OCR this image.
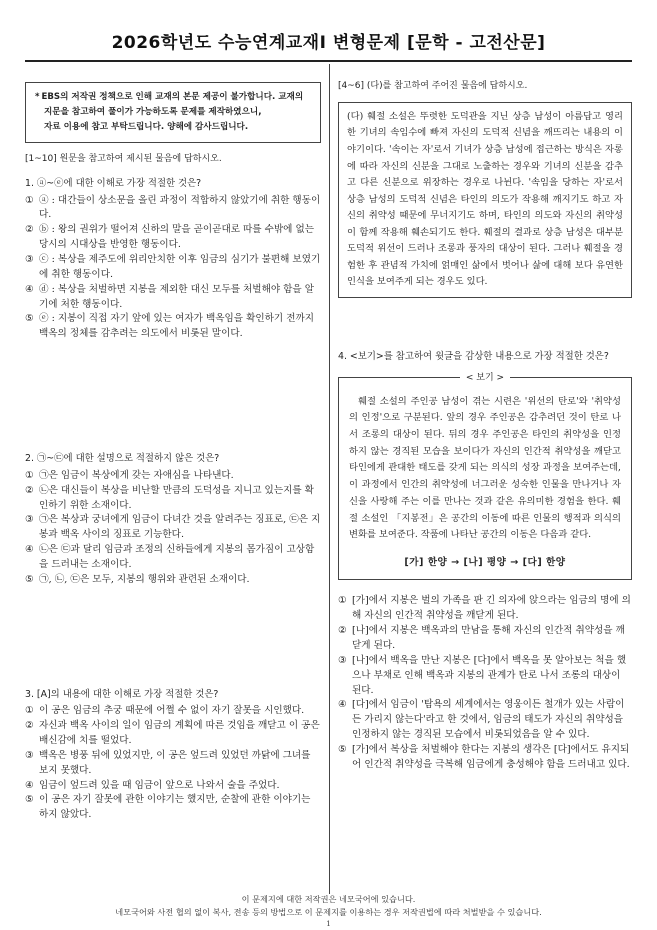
2026학년도 수능연계교재Ⅰ 변형문제 [문학 - 고전산문]
* EBS의 저작권 정책으로 인해 교재의 본문 제공이 불가합니다. 교재의
지문을 참고하여 풀이가 가능하도록 문제를 제작하였으니,
자료 이용에 참고 부탁드립니다. 양해에 감사드립니다.

[1~10] 원문을 참고하여 제시된 물음에 답하시오.

1. ⓐ~ⓔ에 대한 이해로 가장 적절한 것은?

① ⓐ : 대간들이 상소문을 올린 과정이 적합하지 않았기에 취한 행동이다.
② ⓑ : 왕의 권위가 떨어져 신하의 말을 곧이곧대로 따를 수밖에 없는 당시의 시대상을 반영한 행동이다.
③ ⓒ : 복상을 제주도에 위리안치한 이후 임금의 심기가 불편해 보였기에 취한 행동이다.
④ ⓓ : 복상을 처벌하면 지봉을 제외한 대신 모두를 처벌해야 함을 알기에 처한 행동이다.
⑤ ⓔ : 지봉이 직접 자기 앞에 있는 여자가 백옥임을 확인하기 전까지 백옥의 정체를 감추려는 의도에서 비롯된 말이다.

2. ㉠~㉢에 대한 설명으로 적절하지 않은 것은?

① ㉠은 임금이 복상에게 갖는 자애심을 나타낸다.
② ㉡은 대신들이 복상을 비난할 만큼의 도덕성을 지니고 있는지를 확인하기 위한 소재이다.
③ ㉠은 복상과 궁녀에게 임금이 다녀간 것을 알려주는 징표로, ㉢은 지봉과 백옥 사이의 징표로 기능한다.
④ ㉡은 ㉢과 달리 임금과 조정의 신하들에게 지봉의 몸가짐이 고상함을 드러내는 소재이다.
⑤ ㉠, ㉡, ㉢은 모두, 지봉의 행위와 관련된 소재이다.

3. [A]의 내용에 대한 이해로 가장 적절한 것은?

① 이 공은 임금의 추궁 때문에 어쩔 수 없이 자기 잘못을 시인했다.
② 자신과 백옥 사이의 일이 임금의 계획에 따른 것임을 깨닫고 이 공은 배신감에 치를 떨었다.
③ 백옥은 병풍 뒤에 있었지만, 이 공은 엎드려 있었던 까닭에 그녀를 보지 못했다.
④ 임금이 엎드려 있을 때 임금이 앞으로 나와서 술을 주었다.
⑤ 이 공은 자기 잘못에 관한 이야기는 했지만, 순찰에 관한 이야기는 하지 않았다.

[4~6] (다)를 참고하여 주어진 물음에 답하시오.

(다) 훼절 소설은 뚜렷한 도덕관을 지닌 상층 남성이 아름답고 영리한 기녀의 속임수에 빠져 자신의 도덕적 신념을 깨뜨리는 내용의 이야기이다. '속이는 자'로서 기녀가 상층 남성에 접근하는 방식은 자롱에 따라 자신의 신분을 그대로 노출하는 경우와 기녀의 신분을 감추고 다른 신분으로 위장하는 경우로 나뉜다. '속임을 당하는 자'로서 상층 남성의 도덕적 신념은 타인의 의도가 작용해 깨지기도 하고 자신의 취약성 때문에 무너지기도 하며, 타인의 의도와 자신의 취약성이 함께 작용해 훼손되기도 한다. 훼절의 결과로 상층 남성은 대부분 도덕적 위선이 드러나 조롱과 풍자의 대상이 된다. 그러나 훼절을 경험한 후 관념적 가치에 얽매인 삶에서 벗어나 삶에 대해 보다 유연한 인식을 보여주게 되는 경우도 있다.

4. <보기>를 참고하여 윗글을 감상한 내용으로 가장 적절한 것은?

< 보기 >
훼절 소설의 주인공 남성이 겪는 시련은 '위선의 탄로'와 '취약성의 인정'으로 구분된다. 앞의 경우 주인공은 감추려던 것이 탄로 나서 조롱의 대상이 된다. 뒤의 경우 주인공은 타인의 취약성을 인정하지 않는 경직된 모습을 보이다가 자신의 인간적 취약성을 깨닫고 타인에게 관대한 태도를 갖게 되는 의식의 성장 과정을 보여주는데, 이 과정에서 인간의 취약성에 너그러운 성숙한 인물을 만나거나 자신을 사랑해 주는 이를 만나는 것과 같은 유의미한 경험을 한다. 훼절 소설인 「지봉전」은 공간의 이동에 따른 인물의 행적과 의식의 변화를 보여준다. 작품에 나타난 공간의 이동은 다음과 같다.
[가] 한양 → [나] 평양 → [다] 한양
① [가]에서 지봉은 벌의 가족을 판 긴 의자에 앉으라는 임금의 명에 의해 자신의 인간적 취약성을 깨닫게 된다.
② [나]에서 지봉은 백옥과의 만남을 통해 자신의 인간적 취약성을 깨닫게 된다.
③ [나]에서 백옥을 만난 지봉은 [다]에서 백옥을 못 알아보는 척을 했으나 부채로 인해 백옥과 지봉의 관계가 탄로 나서 조롱의 대상이 된다.
④ [다]에서 임금이 '탐욕의 세계에서는 영웅이든 철개가 있는 사람이든 가리지 않는다'라고 한 것에서, 임금의 태도가 자신의 취약성을 인정하지 않는 경직된 모습에서 비롯되었음을 알 수 있다.
⑤ [가]에서 복상을 처벌해야 한다는 지봉의 생각은 [다]에서도 유지되어 인간적 취약성을 극복해 임금에게 충성해야 함을 드러내고 있다.
이 문제지에 대한 저작권은 네모국어에 있습니다.
네모국어와 사전 협의 없이 복사, 전송 등의 방법으로 이 문제지를 이용하는 경우 저작권법에 따라 처벌받을 수 있습니다.
1
